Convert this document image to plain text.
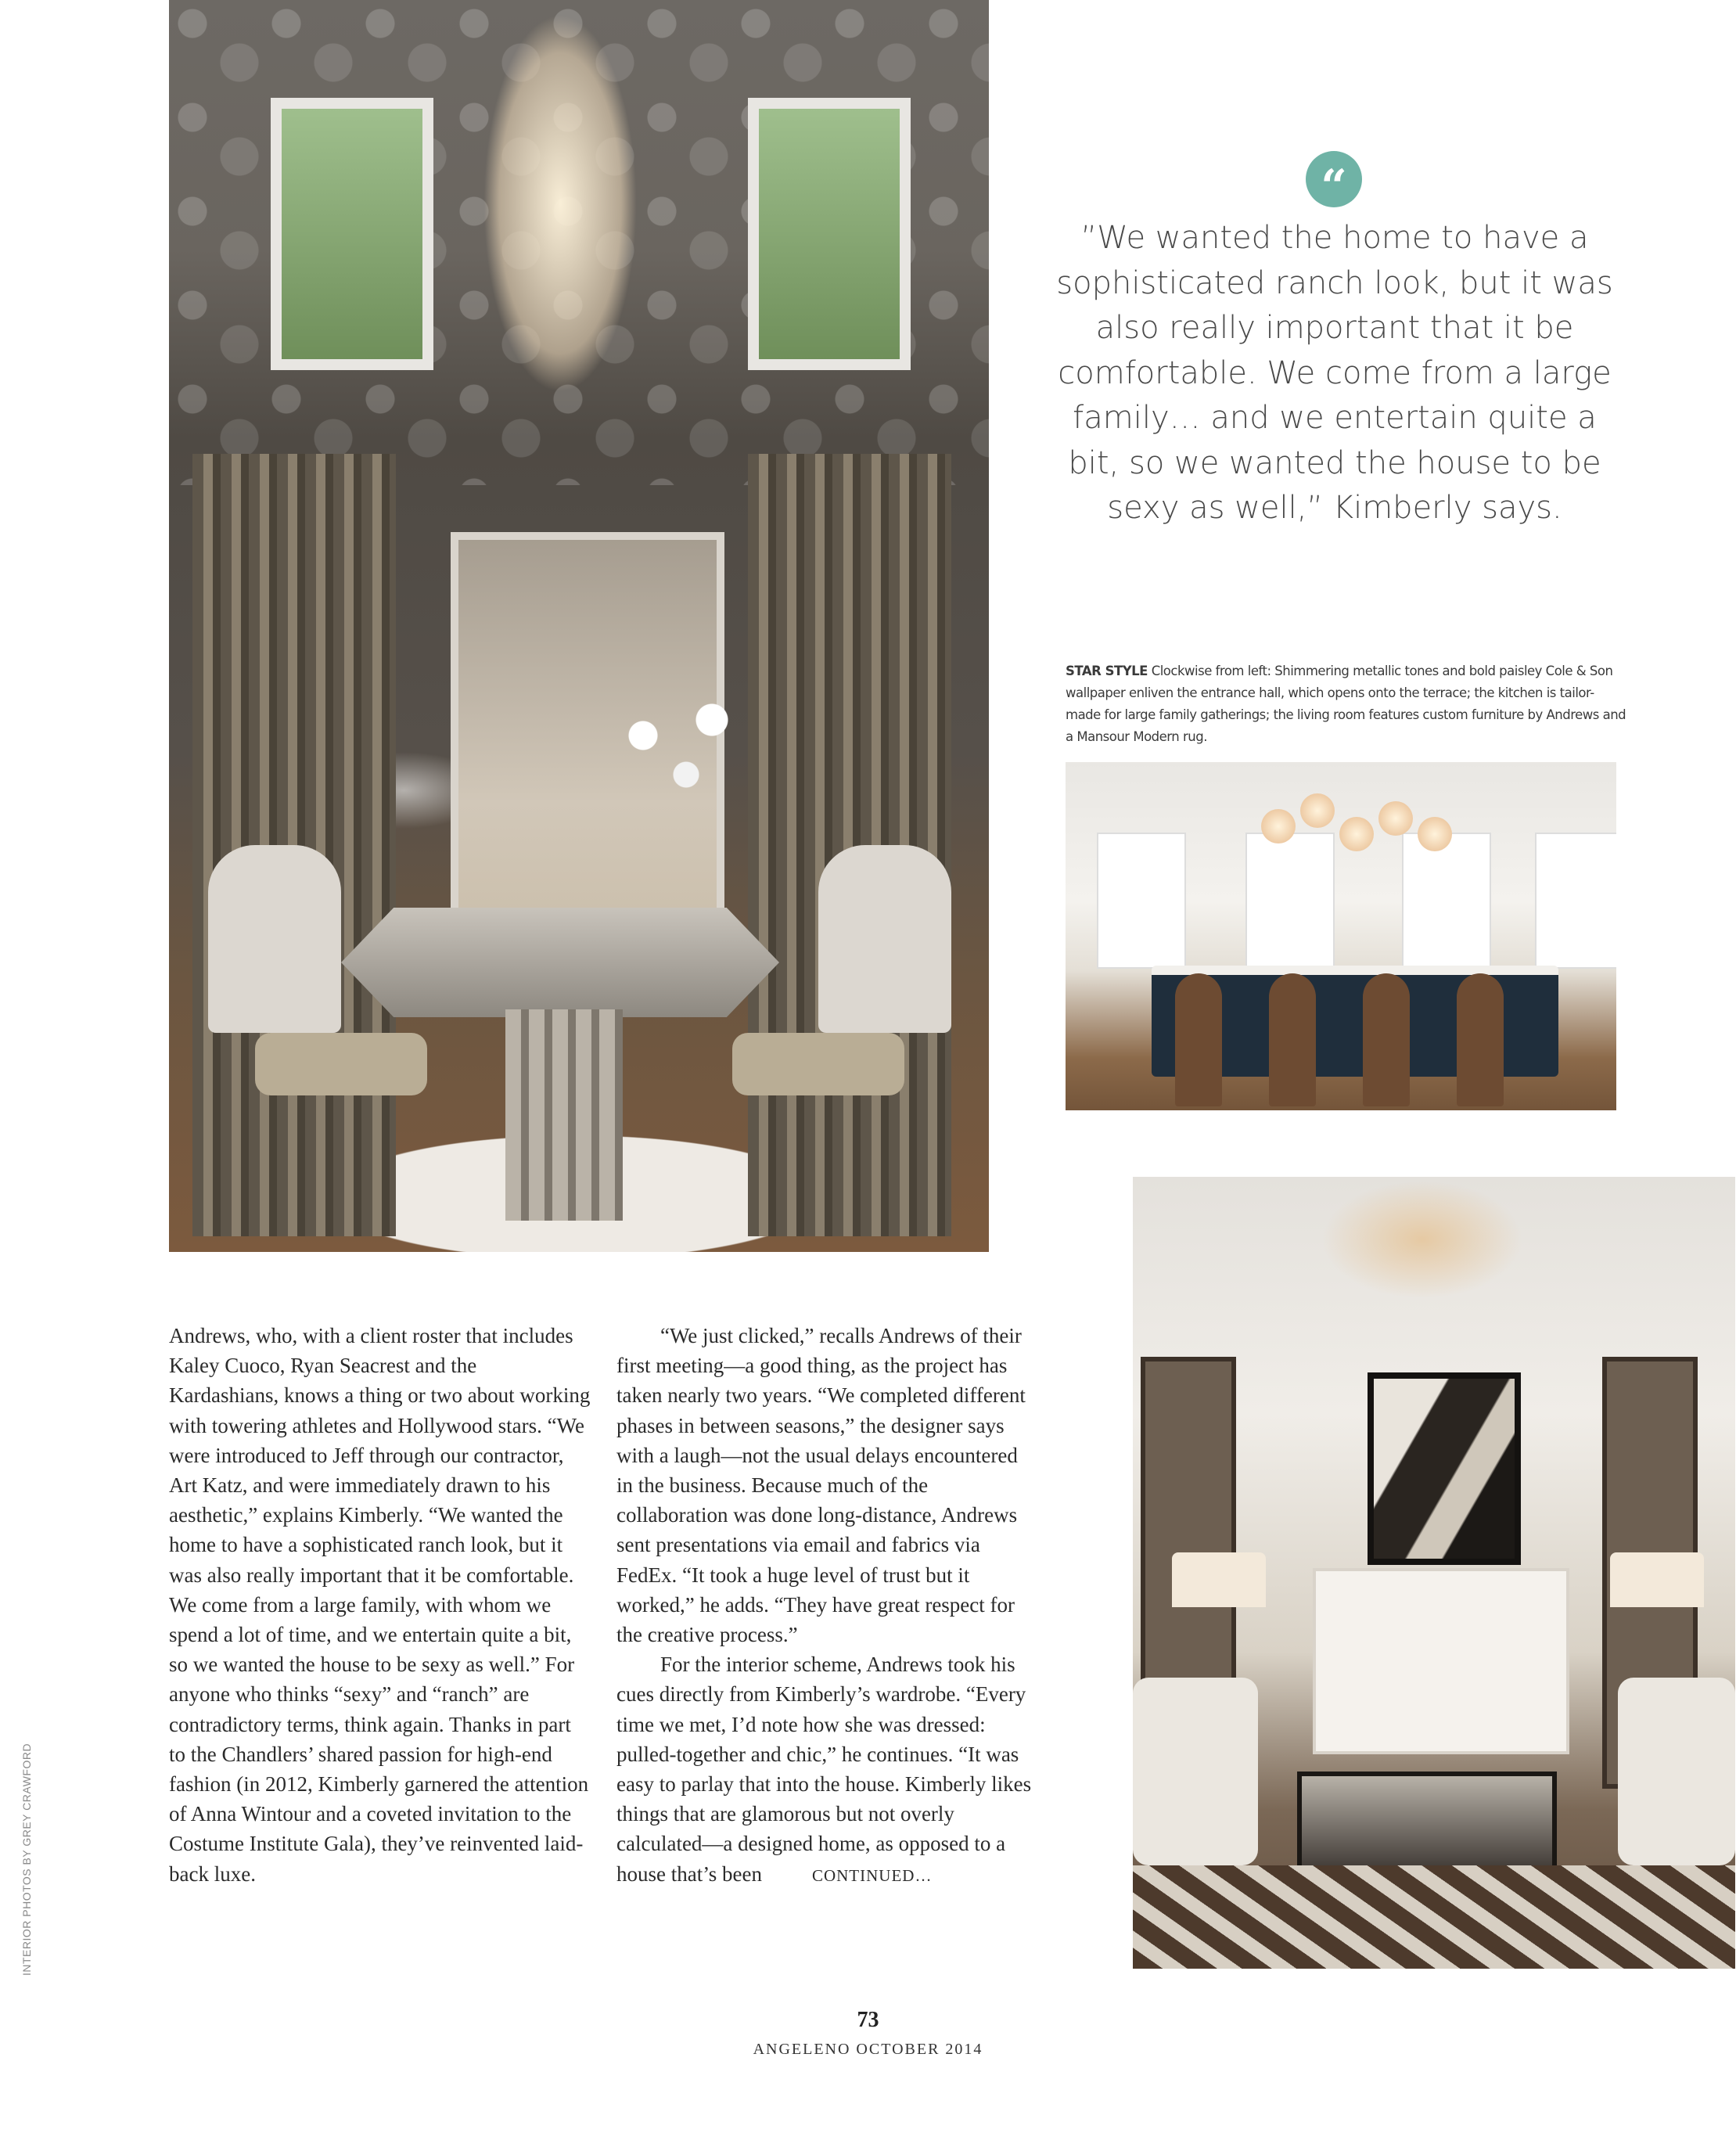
“

”We wanted the home to have a sophisticated ranch look, but it was also really important that it be comfortable. We come from a large family… and we entertain quite a bit, so we wanted the house to be sexy as well,” Kimberly says.

STAR STYLE Clockwise from left: Shimmering metallic tones and bold paisley Cole & Son wallpaper enliven the entrance hall, which opens onto the terrace; the kitchen is tailor-made for large family gatherings; the living room features custom furniture by Andrews and a Mansour Modern rug.

Andrews, who, with a client roster that includes Kaley Cuoco, Ryan Seacrest and the Kardashians, knows a thing or two about working with towering athletes and Hollywood stars. “We were introduced to Jeff through our contractor, Art Katz, and were immediately drawn to his aesthetic,” explains Kimberly. “We wanted the home to have a sophisticated ranch look, but it was also really important that it be comfortable. We come from a large family, with whom we spend a lot of time, and we entertain quite a bit, so we wanted the house to be sexy as well.” For anyone who thinks “sexy” and “ranch” are contradictory terms, think again. Thanks in part to the Chandlers’ shared passion for high-end fashion (in 2012, Kimberly garnered the attention of Anna Wintour and a coveted invitation to the Costume Institute Gala), they’ve reinvented laid-back luxe.

“We just clicked,” recalls Andrews of their first meeting—a good thing, as the project has taken nearly two years. “We completed different phases in between seasons,” the designer says with a laugh—not the usual delays encountered in the business. Because much of the collaboration was done long-distance, Andrews sent presentations via email and fabrics via FedEx. “It took a huge level of trust but it worked,” he adds. “They have great respect for the creative process.”
For the interior scheme, Andrews took his cues directly from Kimberly’s wardrobe. “Every time we met, I’d note how she was dressed: pulled-together and chic,” he continues. “It was easy to parlay that into the house. Kimberly likes things that are glamorous but not overly calculated—a designed home, as opposed to a house that’s been	CONTINUED…
INTERIOR PHOTOS BY GREY CRAWFORD
73
ANGELENO OCTOBER 2014
